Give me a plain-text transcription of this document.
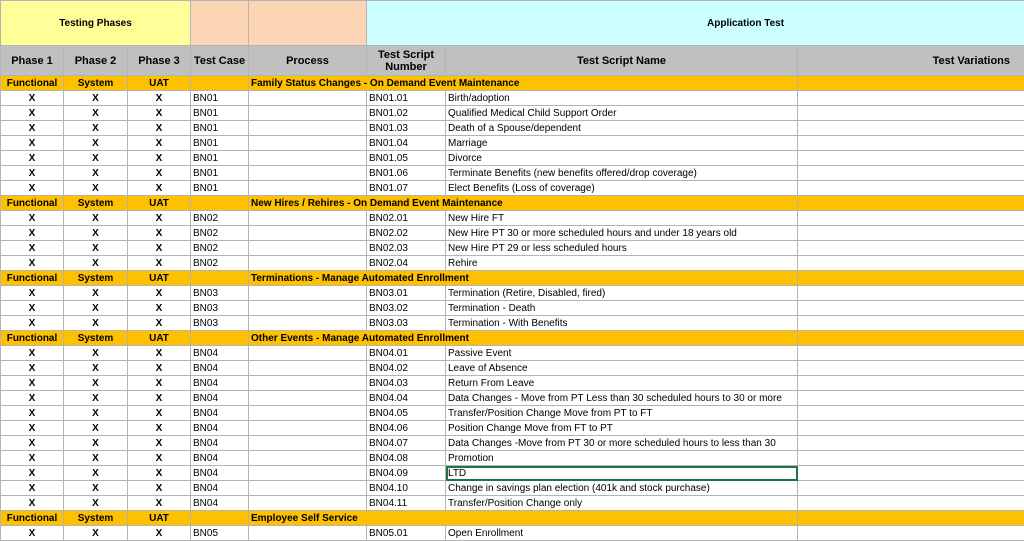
Testing Phases					Application Test		
Phase 1	Phase 2	Phase 3	Test Case	Process	Test Script Number	Test Script Name	Test Variations
Functional	System	UAT		Family Status Changes - On Demand Event Maintenance			
X	X	X	BN01		BN01.01	Birth/adoption	
X	X	X	BN01		BN01.02	Qualified Medical Child Support Order	
X	X	X	BN01		BN01.03	Death of a Spouse/dependent	
X	X	X	BN01		BN01.04	Marriage	
X	X	X	BN01		BN01.05	Divorce	
X	X	X	BN01		BN01.06	Terminate Benefits (new benefits offered/drop coverage)	
X	X	X	BN01		BN01.07	Elect Benefits (Loss of coverage)	
Functional	System	UAT		New Hires / Rehires - On Demand Event Maintenance			
X	X	X	BN02		BN02.01	New Hire FT	
X	X	X	BN02		BN02.02	New Hire PT 30 or more scheduled hours and under 18 years old	
X	X	X	BN02		BN02.03	New Hire PT 29 or less scheduled hours	
X	X	X	BN02		BN02.04	Rehire	
Functional	System	UAT		Terminations - Manage Automated Enrollment			
X	X	X	BN03		BN03.01	Termination (Retire, Disabled, fired)	
X	X	X	BN03		BN03.02	Termination - Death	
X	X	X	BN03		BN03.03	Termination - With Benefits	
Functional	System	UAT		Other Events - Manage Automated Enrollment			
X	X	X	BN04		BN04.01	Passive Event	
X	X	X	BN04		BN04.02	Leave of Absence	
X	X	X	BN04		BN04.03	Return From Leave	
X	X	X	BN04		BN04.04	Data Changes - Move from PT Less than 30 scheduled hours to 30 or more	
X	X	X	BN04		BN04.05	Transfer/Position Change Move from PT to FT	
X	X	X	BN04		BN04.06	Position Change Move from FT to PT	
X	X	X	BN04		BN04.07	Data Changes -Move from PT 30 or more scheduled hours to less than 30	
X	X	X	BN04		BN04.08	Promotion	
X	X	X	BN04		BN04.09	LTD	
X	X	X	BN04		BN04.10	Change in savings plan election (401k and stock purchase)	
X	X	X	BN04		BN04.11	Transfer/Position Change only	
Functional	System	UAT		Employee Self Service			
X	X	X	BN05		BN05.01	Open Enrollment	
